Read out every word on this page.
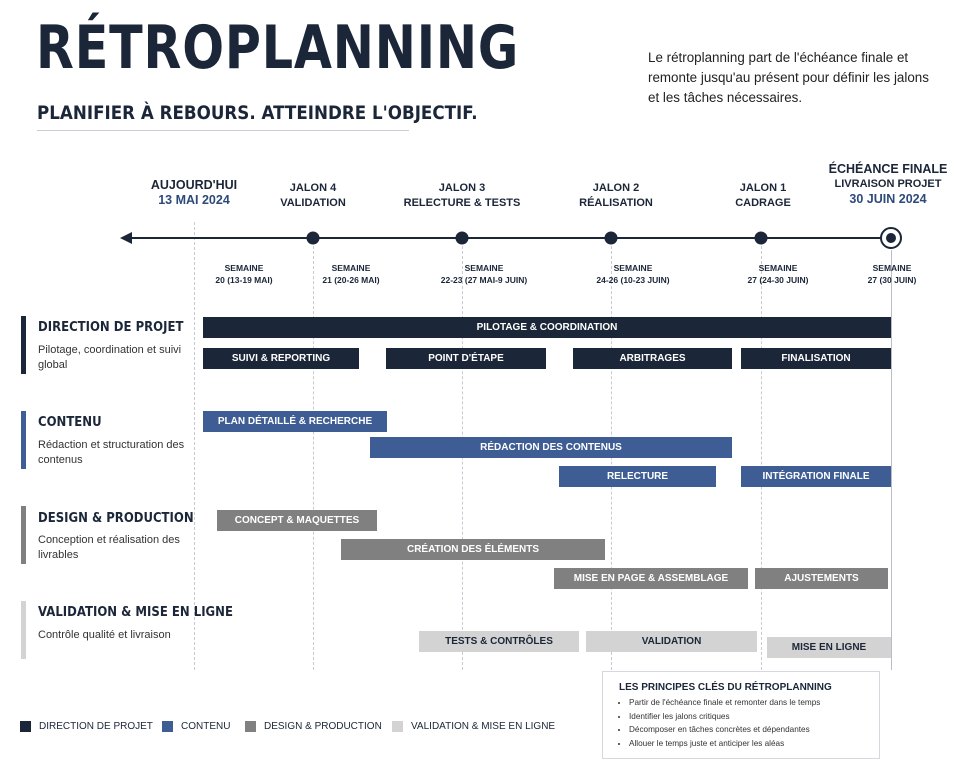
RÉTROPLANNING
PLANIFIER À REBOURS. ATTEINDRE L'OBJECTIF.
Le rétroplanning part de l'échéance finale et remonte jusqu'au présent pour définir les jalons et les tâches nécessaires.
AUJOURD'HUI
13 MAI 2024
JALON 4
VALIDATION
JALON 3
RELECTURE & TESTS
JALON 2
RÉALISATION
JALON 1
CADRAGE
ÉCHÉANCE FINALE
LIVRAISON PROJET
30 JUIN 2024
SEMAINE
20 (13-19 MAI)
SEMAINE
21 (20-26 MAI)
SEMAINE
22-23 (27 MAI-9 JUIN)
SEMAINE
24-26 (10-23 JUIN)
SEMAINE
27 (24-30 JUIN)
SEMAINE
27 (30 JUIN)
DIRECTION DE PROJET
Pilotage, coordination et suivi global
PILOTAGE & COORDINATION
SUIVI & REPORTING	POINT D'ÉTAPE	ARBITRAGES	FINALISATION
CONTENU
Rédaction et structuration des contenus
PLAN DÉTAILLÉ & RECHERCHE
RÉDACTION DES CONTENUS
RELECTURE	INTÉGRATION FINALE
DESIGN & PRODUCTION
Conception et réalisation des livrables
CONCEPT & MAQUETTES
CRÉATION DES ÉLÉMENTS
MISE EN PAGE & ASSEMBLAGE	AJUSTEMENTS
VALIDATION & MISE EN LIGNE
Contrôle qualité et livraison
TESTS & CONTRÔLES	VALIDATION
MISE EN LIGNE
DIRECTION DE PROJET	CONTENU	DESIGN & PRODUCTION	VALIDATION & MISE EN LIGNE
LES PRINCIPES CLÉS DU RÉTROPLANNING
• Partir de l'échéance finale et remonter dans le temps
• Identifier les jalons critiques
• Décomposer en tâches concrètes et dépendantes
• Allouer le temps juste et anticiper les aléas
